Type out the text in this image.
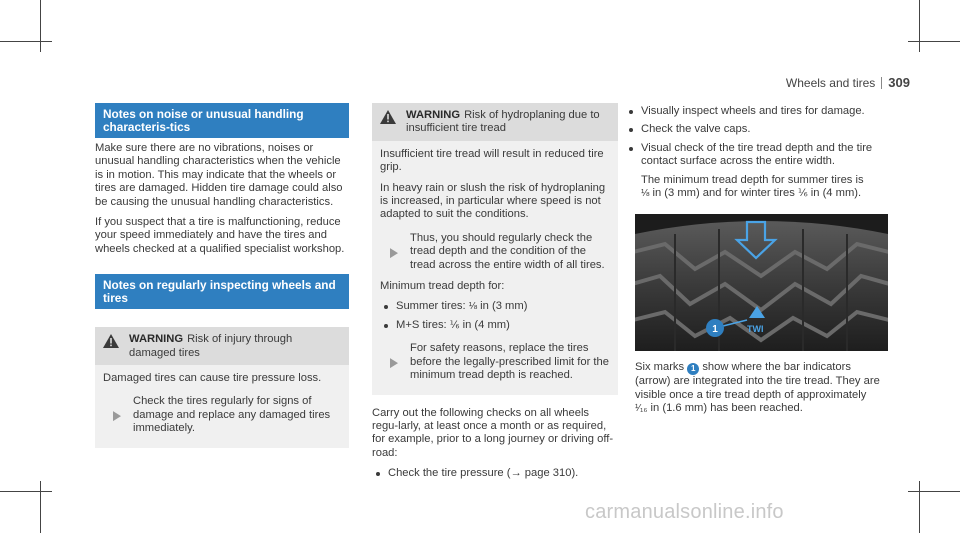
Wheels and tires 309
Notes on noise or unusual handling characteris-tics

Make sure there are no vibrations, noises or unusual handling characteristics when the vehicle is in motion. This may indicate that the wheels or tires are damaged. Hidden tire damage could also be causing the unusual handling characteristics.

If you suspect that a tire is malfunctioning, reduce your speed immediately and have the tires and wheels checked at a qualified specialist workshop.

Notes on regularly inspecting wheels and tires
WARNING Risk of injury through damaged tires

Damaged tires can cause tire pressure loss.

Check the tires regularly for signs of damage and replace any damaged tires immediately.
WARNING Risk of hydroplaning due to insufficient tire tread

Insufficient tire tread will result in reduced tire grip.

In heavy rain or slush the risk of hydroplaning is increased, in particular where speed is not adapted to suit the conditions.

Thus, you should regularly check the tread depth and the condition of the tread across the entire width of all tires.

Minimum tread depth for:

Summer tires: ⅛ in (3 mm)
M+S tires: ⅙ in (4 mm)
For safety reasons, replace the tires before the legally-prescribed limit for the minimum tread depth is reached.

Carry out the following checks on all wheels regu-larly, at least once a month or as required, for example, prior to a long journey or driving off-road:

Check the tire pressure (→ page 310).
Visually inspect wheels and tires for damage.
Check the valve caps.
Visual check of the tire tread depth and the tire contact surface across the entire width.

The minimum tread depth for summer tires is
⅛ in (3 mm) and for winter tires ⅙ in (4 mm).

1	TWI

Six marks 1 show where the bar indicators (arrow) are integrated into the tire tread. They are visible once a tire tread depth of approximately
¹⁄₁₆ in (1.6 mm) has been reached.

carmanualsonline.info
